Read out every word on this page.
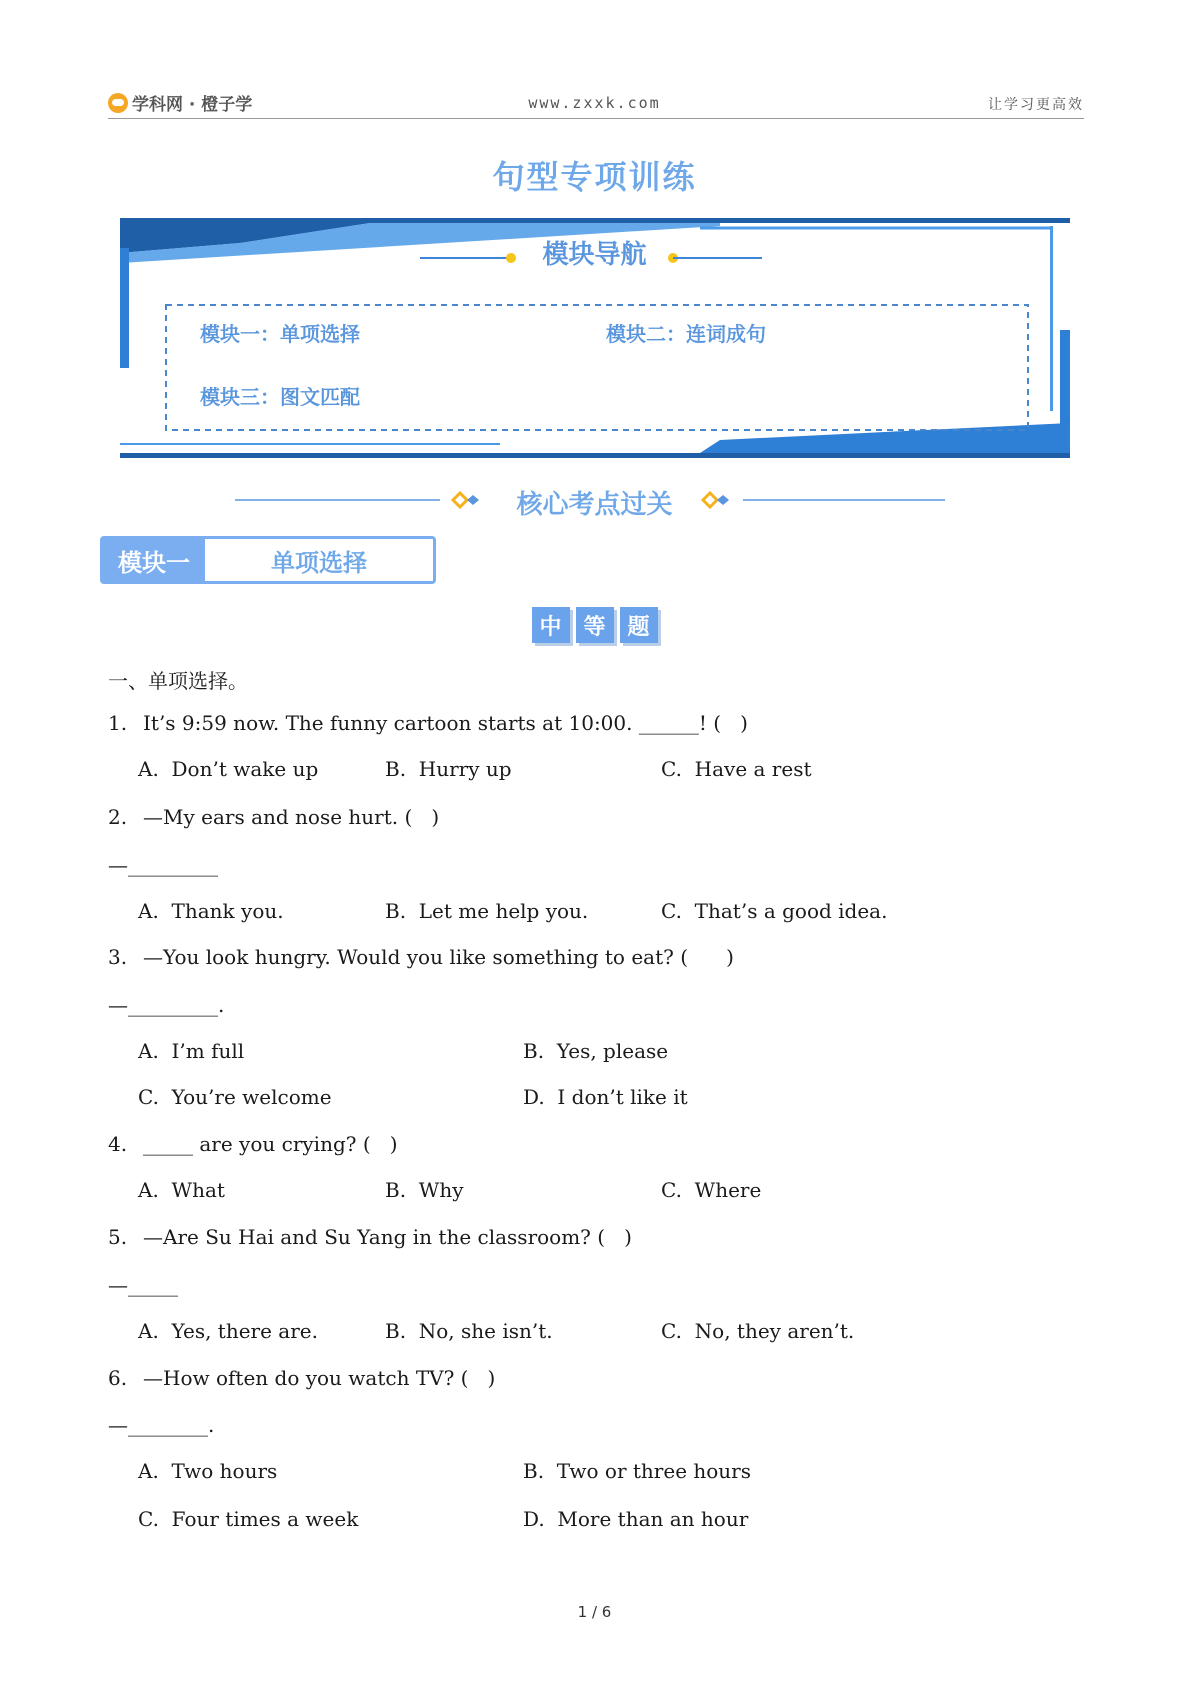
学科网 · 橙子学	www.zxxk.com	让学习更高效
句型专项训练
模块导航
模块一：单项选择	模块二：连词成句
模块三：图文匹配
核心考点过关
模块一	单项选择
中 等 题
一、单项选择。
1. It’s 9:59 now. The funny cartoon starts at 10:00. ______! (   )
A.  Don’t wake up	B.  Hurry up	C.  Have a rest
2. —My ears and nose hurt. (   )
—_________
A.  Thank you.	B.  Let me help you.	C.  That’s a good idea.
3. —You look hungry. Would you like something to eat? (      )
—_________.
A.  I’m full	B.  Yes, please
C.  You’re welcome	D.  I don’t like it
4. _____ are you crying? (   )
A.  What	B.  Why	C.  Where
5. —Are Su Hai and Su Yang in the classroom? (   )
—_____
A.  Yes, there are.	B.  No, she isn’t.	C.  No, they aren’t.
6. —How often do you watch TV? (   )
—________.
A.  Two hours	B.  Two or three hours
C.  Four times a week	D.  More than an hour
1 / 6
